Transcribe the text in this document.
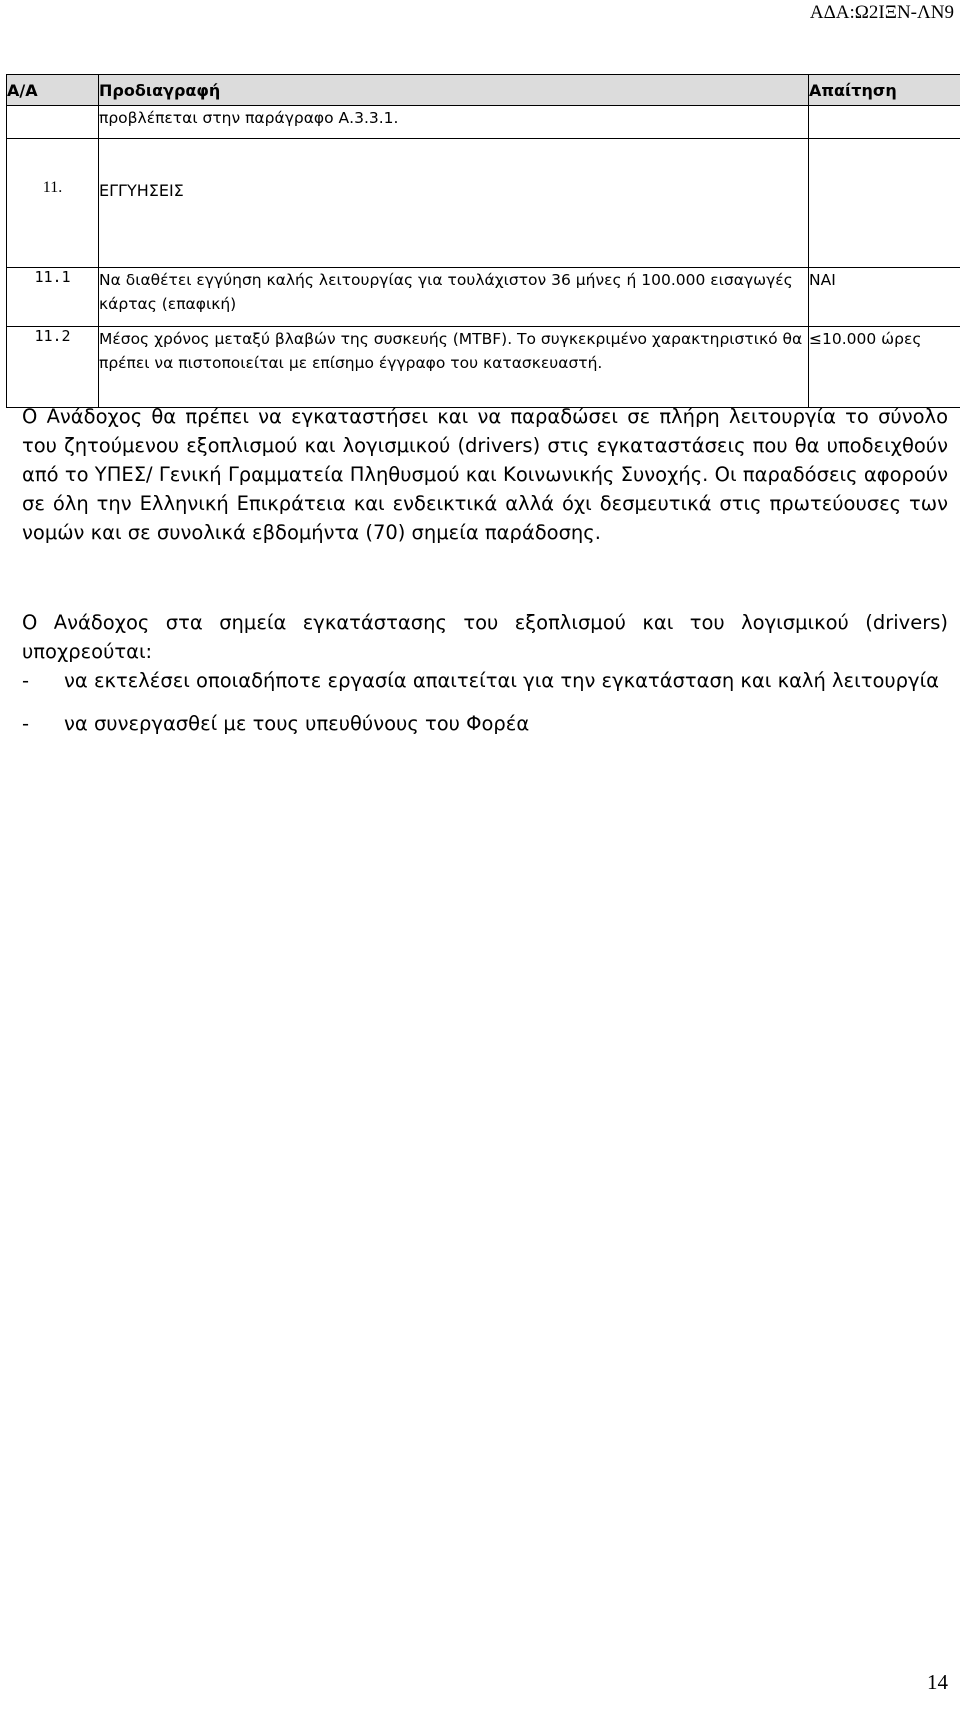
ΑΔΑ:Ω2ΙΞΝ-ΛΝ9
Α/Α	Προδιαγραφή	Απαίτηση
	προβλέπεται στην παράγραφο Α.3.3.1.	
11.	ΕΓΓΥΗΣΕΙΣ	
11.1	Να διαθέτει εγγύηση καλής λειτουργίας για τουλάχιστον 36 μήνες ή 100.000 εισαγωγές κάρτας (επαφική)	ΝΑΙ
11.2	Μέσος χρόνος μεταξύ βλαβών της συσκευής (MTBF). Το συγκεκριμένο χαρακτηριστικό θα πρέπει να πιστοποιείται με επίσημο έγγραφο του κατασκευαστή.	≤10.000 ώρες
Ο Ανάδοχος θα πρέπει να εγκαταστήσει και να παραδώσει σε πλήρη λειτουργία το σύνολο του ζητούμενου εξοπλισμού και λογισμικού (drivers) στις εγκαταστάσεις που θα υποδειχθούν από το ΥΠΕΣ/ Γενική Γραμματεία Πληθυσμού και Κοινωνικής Συνοχής. Οι παραδόσεις αφορούν σε όλη την Ελληνική Επικράτεια και ενδεικτικά αλλά όχι δεσμευτικά στις πρωτεύουσες των νομών και σε συνολικά εβδομήντα (70) σημεία παράδοσης.
Ο Ανάδοχος στα σημεία εγκατάστασης του εξοπλισμού και του λογισμικού (drivers) υποχρεούται:
-	να εκτελέσει οποιαδήποτε εργασία απαιτείται για την εγκατάσταση και καλή λειτουργία
-	να συνεργασθεί με τους υπευθύνους του Φορέα
14
